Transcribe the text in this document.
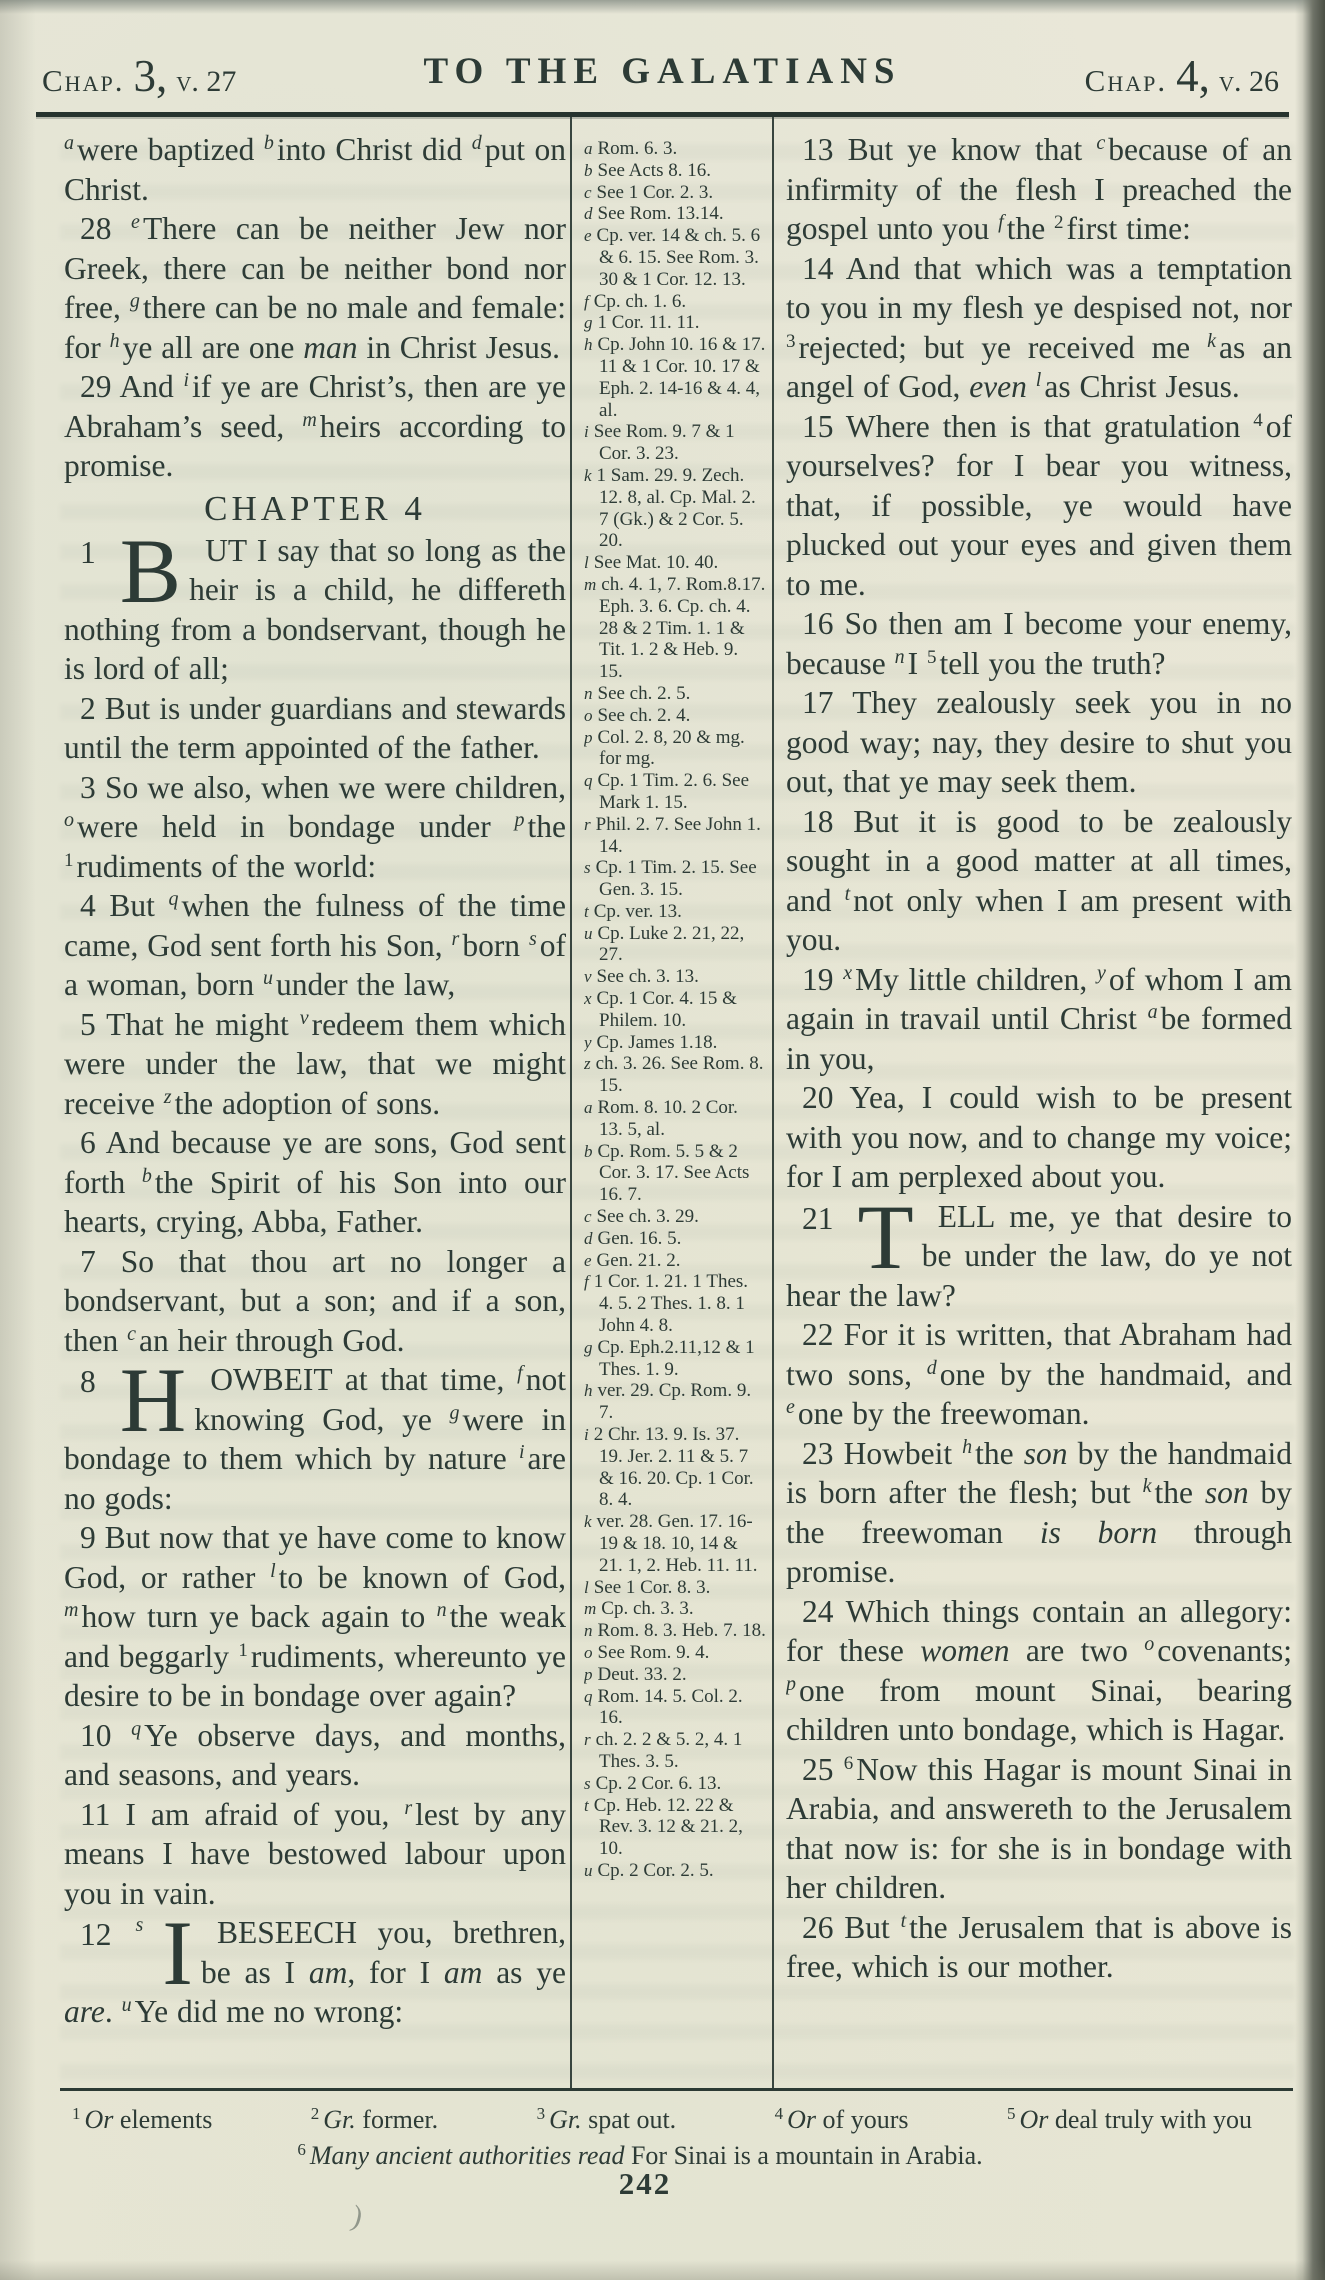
Chap. 3, v. 27	TO THE GALATIANS	Chap. 4, v. 26

$^a$were baptized $^b$into Christ did $^d$put on Christ.

28 $^e$There can be neither Jew nor Greek, there can be neither bond nor free, $^g$there can be no male and female: for $^h$ye all are one man in Christ Jesus.

29 And $^i$if ye are Christ’s, then are ye Abraham’s seed, $^m$heirs according to promise.

CHAPTER 4

1 B UT I say that so long as the heir is a child, he differeth nothing from a bondservant, though he is lord of all;

2 But is under guardians and stewards until the term appointed of the father.

3 So we also, when we were children, $^o$were held in bondage under $^p$the $^1$rudiments of the world:

4 But $^q$when the fulness of the time came, God sent forth his Son, $^r$born $^s$of a woman, born $^u$under the law,

5 That he might $^v$redeem them which were under the law, that we might receive $^z$the adoption of sons.

6 And because ye are sons, God sent forth $^b$the Spirit of his Son into our hearts, crying, Abba, Father.

7 So that thou art no longer a bondservant, but a son; and if a son, then $^c$an heir through God.

8 H OWBEIT at that time, $^f$not knowing God, ye $^g$were in bondage to them which by nature $^i$are no gods:

9 But now that ye have come to know God, or rather $^l$to be known of God, $^m$how turn ye back again to $^n$the weak and beggarly $^1$rudiments, whereunto ye desire to be in bondage over again?

10 $^q$Ye observe days, and months, and seasons, and years.

11 I am afraid of you, $^r$lest by any means I have bestowed labour upon you in vain.

12	s I BESEECH you, brethren, be as I am, for I am as ye are. $^u$Ye did me no wrong:

a Rom. 6. 3.
b See Acts 8. 16.
c See 1 Cor. 2. 3.
d See Rom. 13.14.
e Cp. ver. 14 & ch. 5. 6 & 6. 15. See Rom. 3. 30 & 1 Cor. 12. 13.
f Cp. ch. 1. 6.
g 1 Cor. 11. 11.
h Cp. John 10. 16 & 17. 11 & 1 Cor. 10. 17 & Eph. 2. 14-16 & 4. 4, al.
i See Rom. 9. 7 & 1 Cor. 3. 23.
k 1 Sam. 29. 9. Zech. 12. 8, al. Cp. Mal. 2. 7 (Gk.) & 2 Cor. 5. 20.
l See Mat. 10. 40.
m ch. 4. 1, 7. Rom.8.17. Eph. 3. 6. Cp. ch. 4. 28 & 2 Tim. 1. 1 & Tit. 1. 2 & Heb. 9. 15.
n See ch. 2. 5.
o See ch. 2. 4.
p Col. 2. 8, 20 & mg. for mg.
q Cp. 1 Tim. 2. 6. See Mark 1. 15.
r Phil. 2. 7. See John 1. 14.
s Cp. 1 Tim. 2. 15. See Gen. 3. 15.
t Cp. ver. 13.
u Cp. Luke 2. 21, 22, 27.
v See ch. 3. 13.
x Cp. 1 Cor. 4. 15 & Philem. 10.
y Cp. James 1.18.
z ch. 3. 26. See Rom. 8. 15.
a Rom. 8. 10. 2 Cor. 13. 5, al.
b Cp. Rom. 5. 5 & 2 Cor. 3. 17. See Acts 16. 7.
c See ch. 3. 29.
d Gen. 16. 5.
e Gen. 21. 2.
f 1 Cor. 1. 21. 1 Thes. 4. 5. 2 Thes. 1. 8. 1 John 4. 8.
g Cp. Eph.2.11,12 & 1 Thes. 1. 9.
h ver. 29. Cp. Rom. 9. 7.
i 2 Chr. 13. 9. Is. 37. 19. Jer. 2. 11 & 5. 7 & 16. 20. Cp. 1 Cor. 8. 4.
k ver. 28. Gen. 17. 16-19 & 18. 10, 14 & 21. 1, 2. Heb. 11. 11.
l See 1 Cor. 8. 3.
m Cp. ch. 3. 3.
n Rom. 8. 3. Heb. 7. 18.
o See Rom. 9. 4.
p Deut. 33. 2.
q Rom. 14. 5. Col. 2. 16.
r ch. 2. 2 & 5. 2, 4. 1 Thes. 3. 5.
s Cp. 2 Cor. 6. 13.
t Cp. Heb. 12. 22 & Rev. 3. 12 & 21. 2, 10.
u Cp. 2 Cor. 2. 5.

13 But ye know that $^c$because of an infirmity of the flesh I preached the gospel unto you $^f$the $^2$first time:

14 And that which was a temptation to you in my flesh ye despised not, nor $^3$rejected; but ye received me $^k$as an angel of God, even $^l$as Christ Jesus.

15 Where then is that gratulation $^4$of yourselves? for I bear you witness, that, if possible, ye would have plucked out your eyes and given them to me.

16 So then am I become your enemy, because $^n$I $^5$tell you the truth?

17 They zealously seek you in no good way; nay, they desire to shut you out, that ye may seek them.

18 But it is good to be zealously sought in a good matter at all times, and $^t$not only when I am present with you.

19 $^x$My little children, $^y$of whom I am again in travail until Christ $^a$be formed in you,

20 Yea, I could wish to be present with you now, and to change my voice; for I am perplexed about you.

21 T ELL me, ye that desire to be under the law, do ye not hear the law?

22 For it is written, that Abraham had two sons, $^d$one by the handmaid, and $^e$one by the freewoman.

23 Howbeit $^h$the son by the handmaid is born after the flesh; but $^k$the son by the freewoman is born through promise.

24 Which things contain an allegory: for these women are two $^o$covenants; $^p$one from mount Sinai, bearing children unto bondage, which is Hagar.

25 $^6$Now this Hagar is mount Sinai in Arabia, and answereth to the Jerusalem that now is: for she is in bondage with her children.

26 But $^t$the Jerusalem that is above is free, which is our mother.

$^1$ Or elements	$^2$ Gr. former.	$^3$ Gr. spat out.	$^4$ Or of yours	$^5$ Or deal truly with you
$^6$ Many ancient authorities read For Sinai is a mountain in Arabia.
242
)
